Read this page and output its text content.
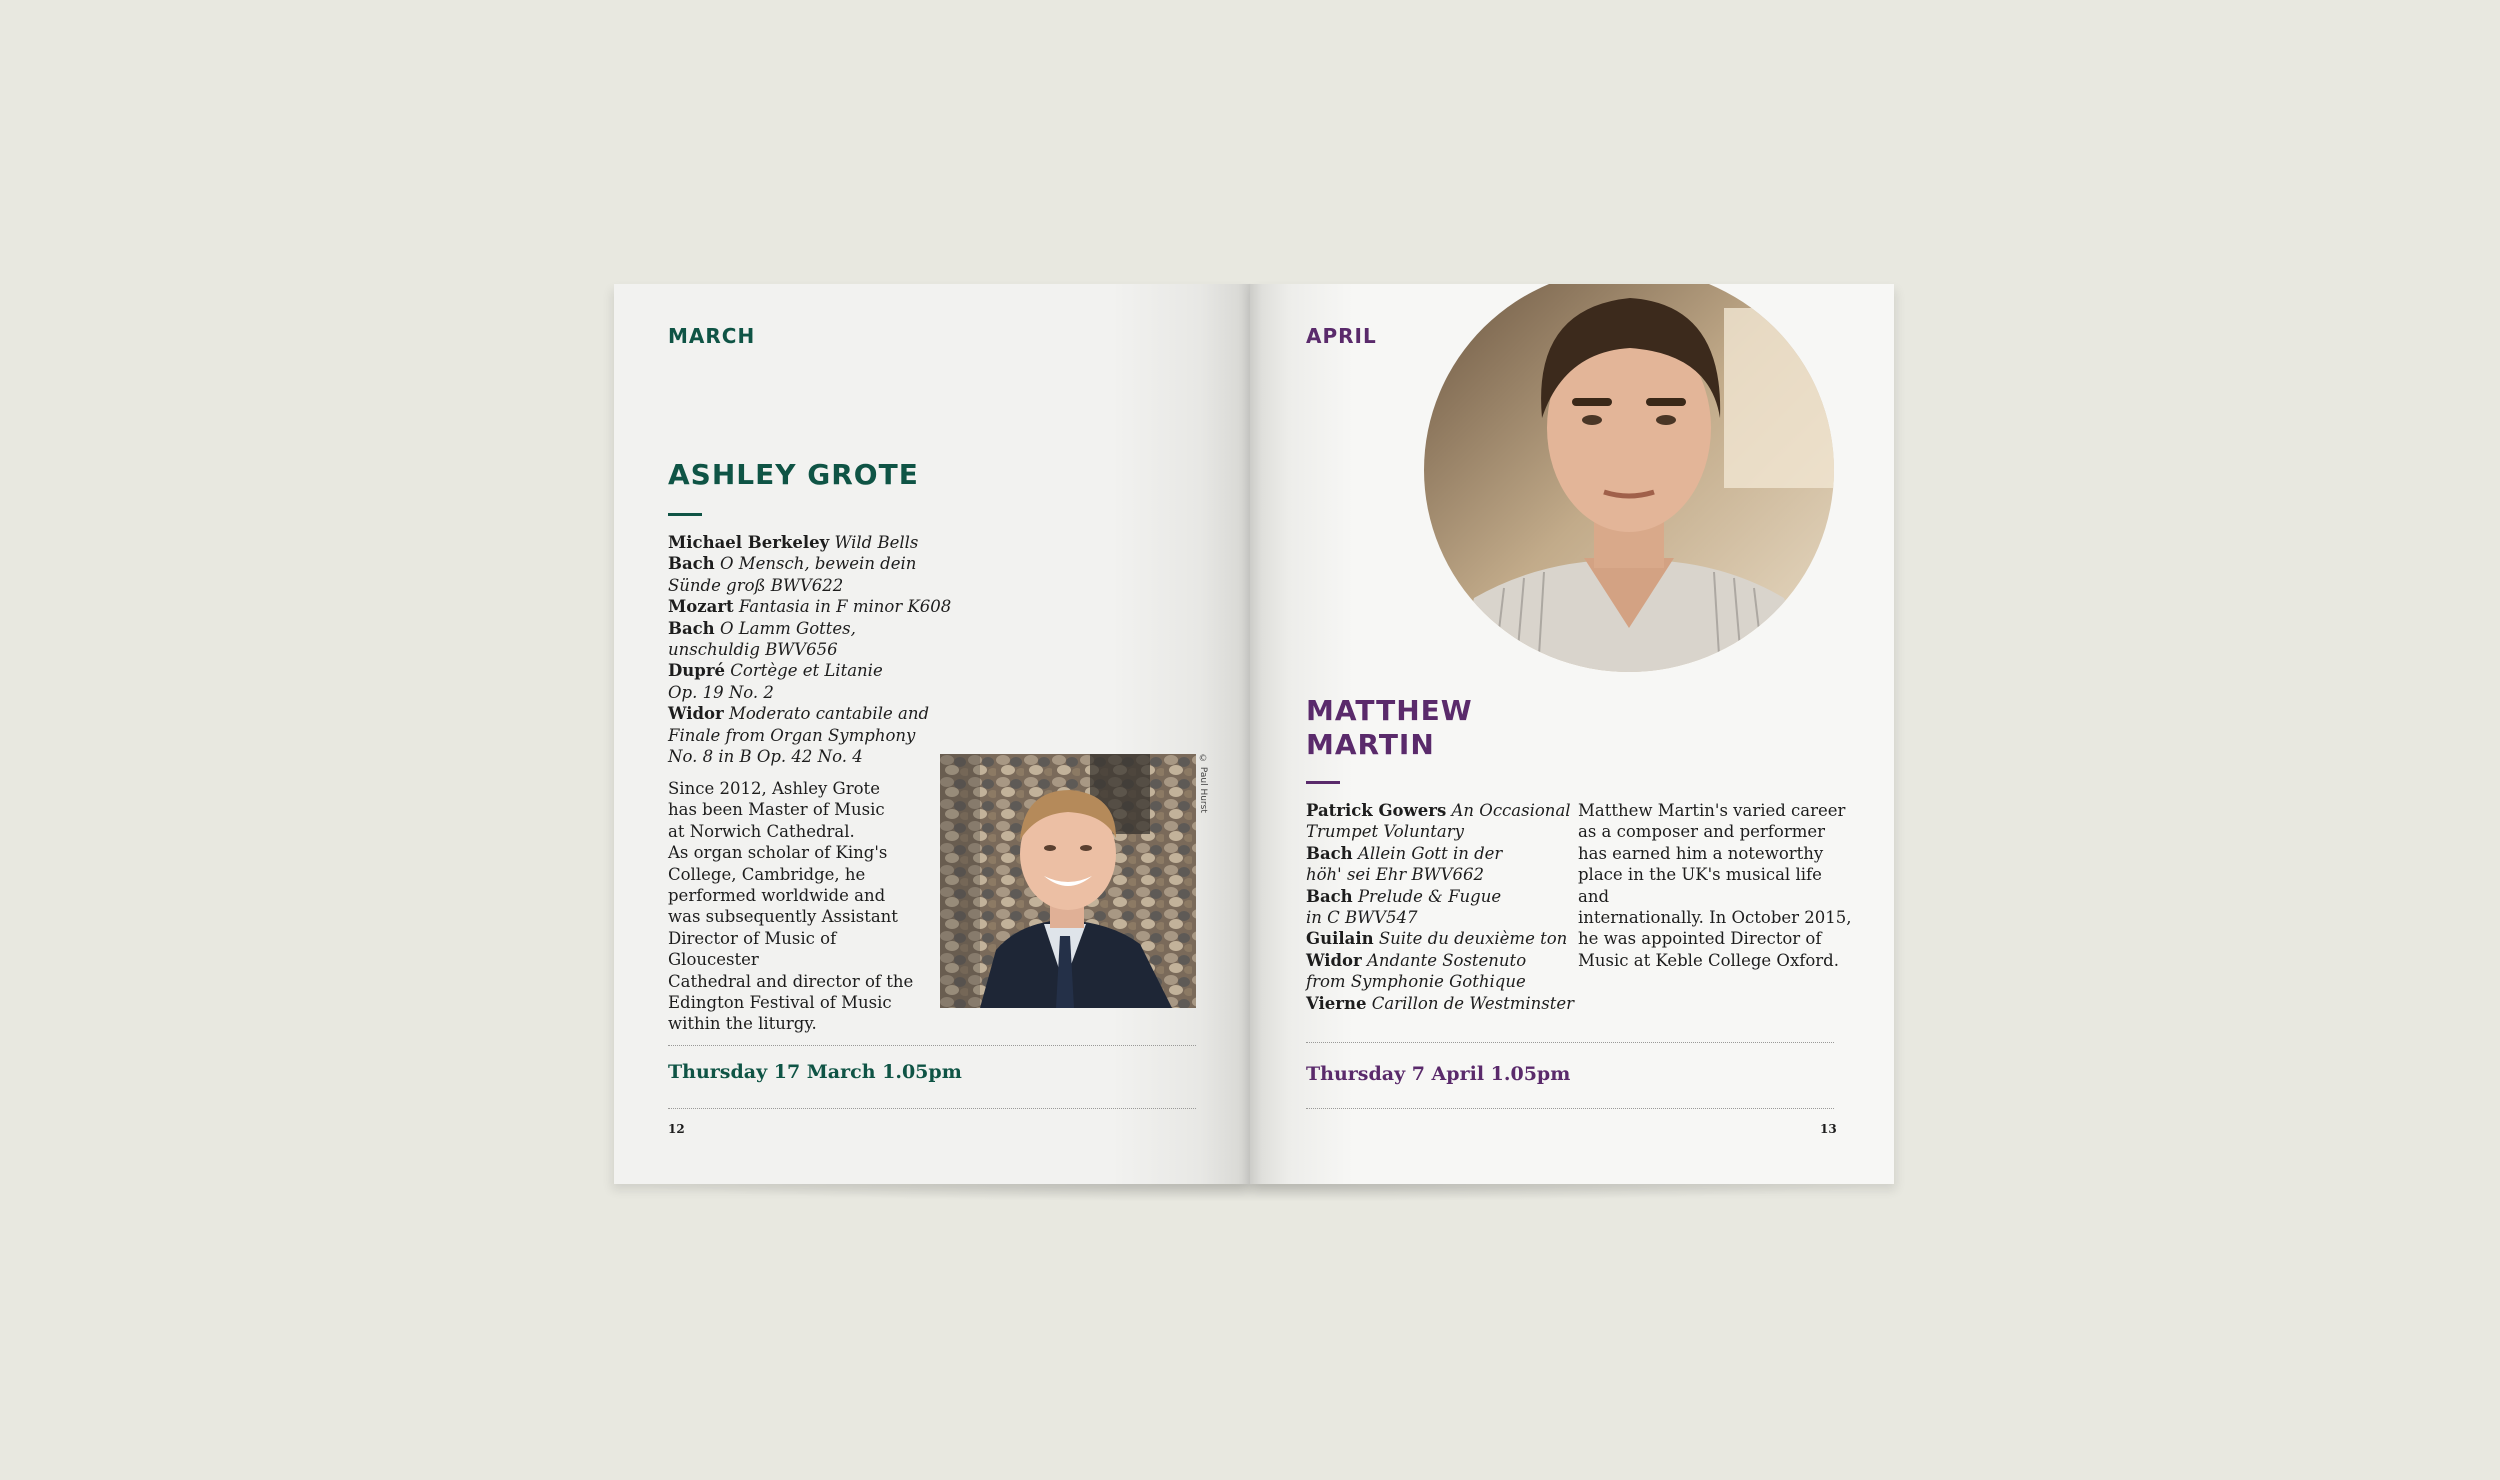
MARCH
ASHLEY GROTE
Michael Berkeley Wild Bells
Bach O Mensch, bewein dein
Sünde groß BWV622
Mozart Fantasia in F minor K608
Bach O Lamm Gottes,
unschuldig BWV656
Dupré Cortège et Litanie
Op. 19 No. 2
Widor Moderato cantabile and
Finale from Organ Symphony
No. 8 in B Op. 42 No. 4
Since 2012, Ashley Grote
has been Master of Music
at Norwich Cathedral.
As organ scholar of King's
College, Cambridge, he
performed worldwide and
was subsequently Assistant
Director of Music of Gloucester
Cathedral and director of the
Edington Festival of Music
within the liturgy.
© Paul Hurst
Thursday 17 March 1.05pm
12
APRIL
MATTHEW
MARTIN
Patrick Gowers An Occasional
Trumpet Voluntary
Bach Allein Gott in der
höh' sei Ehr BWV662
Bach Prelude & Fugue
in C BWV547
Guilain Suite du deuxième ton
Widor Andante Sostenuto
from Symphonie Gothique
Vierne Carillon de Westminster
Matthew Martin's varied career
as a composer and performer
has earned him a noteworthy
place in the UK's musical life and
internationally. In October 2015,
he was appointed Director of
Music at Keble College Oxford.
Thursday 7 April 1.05pm
13
